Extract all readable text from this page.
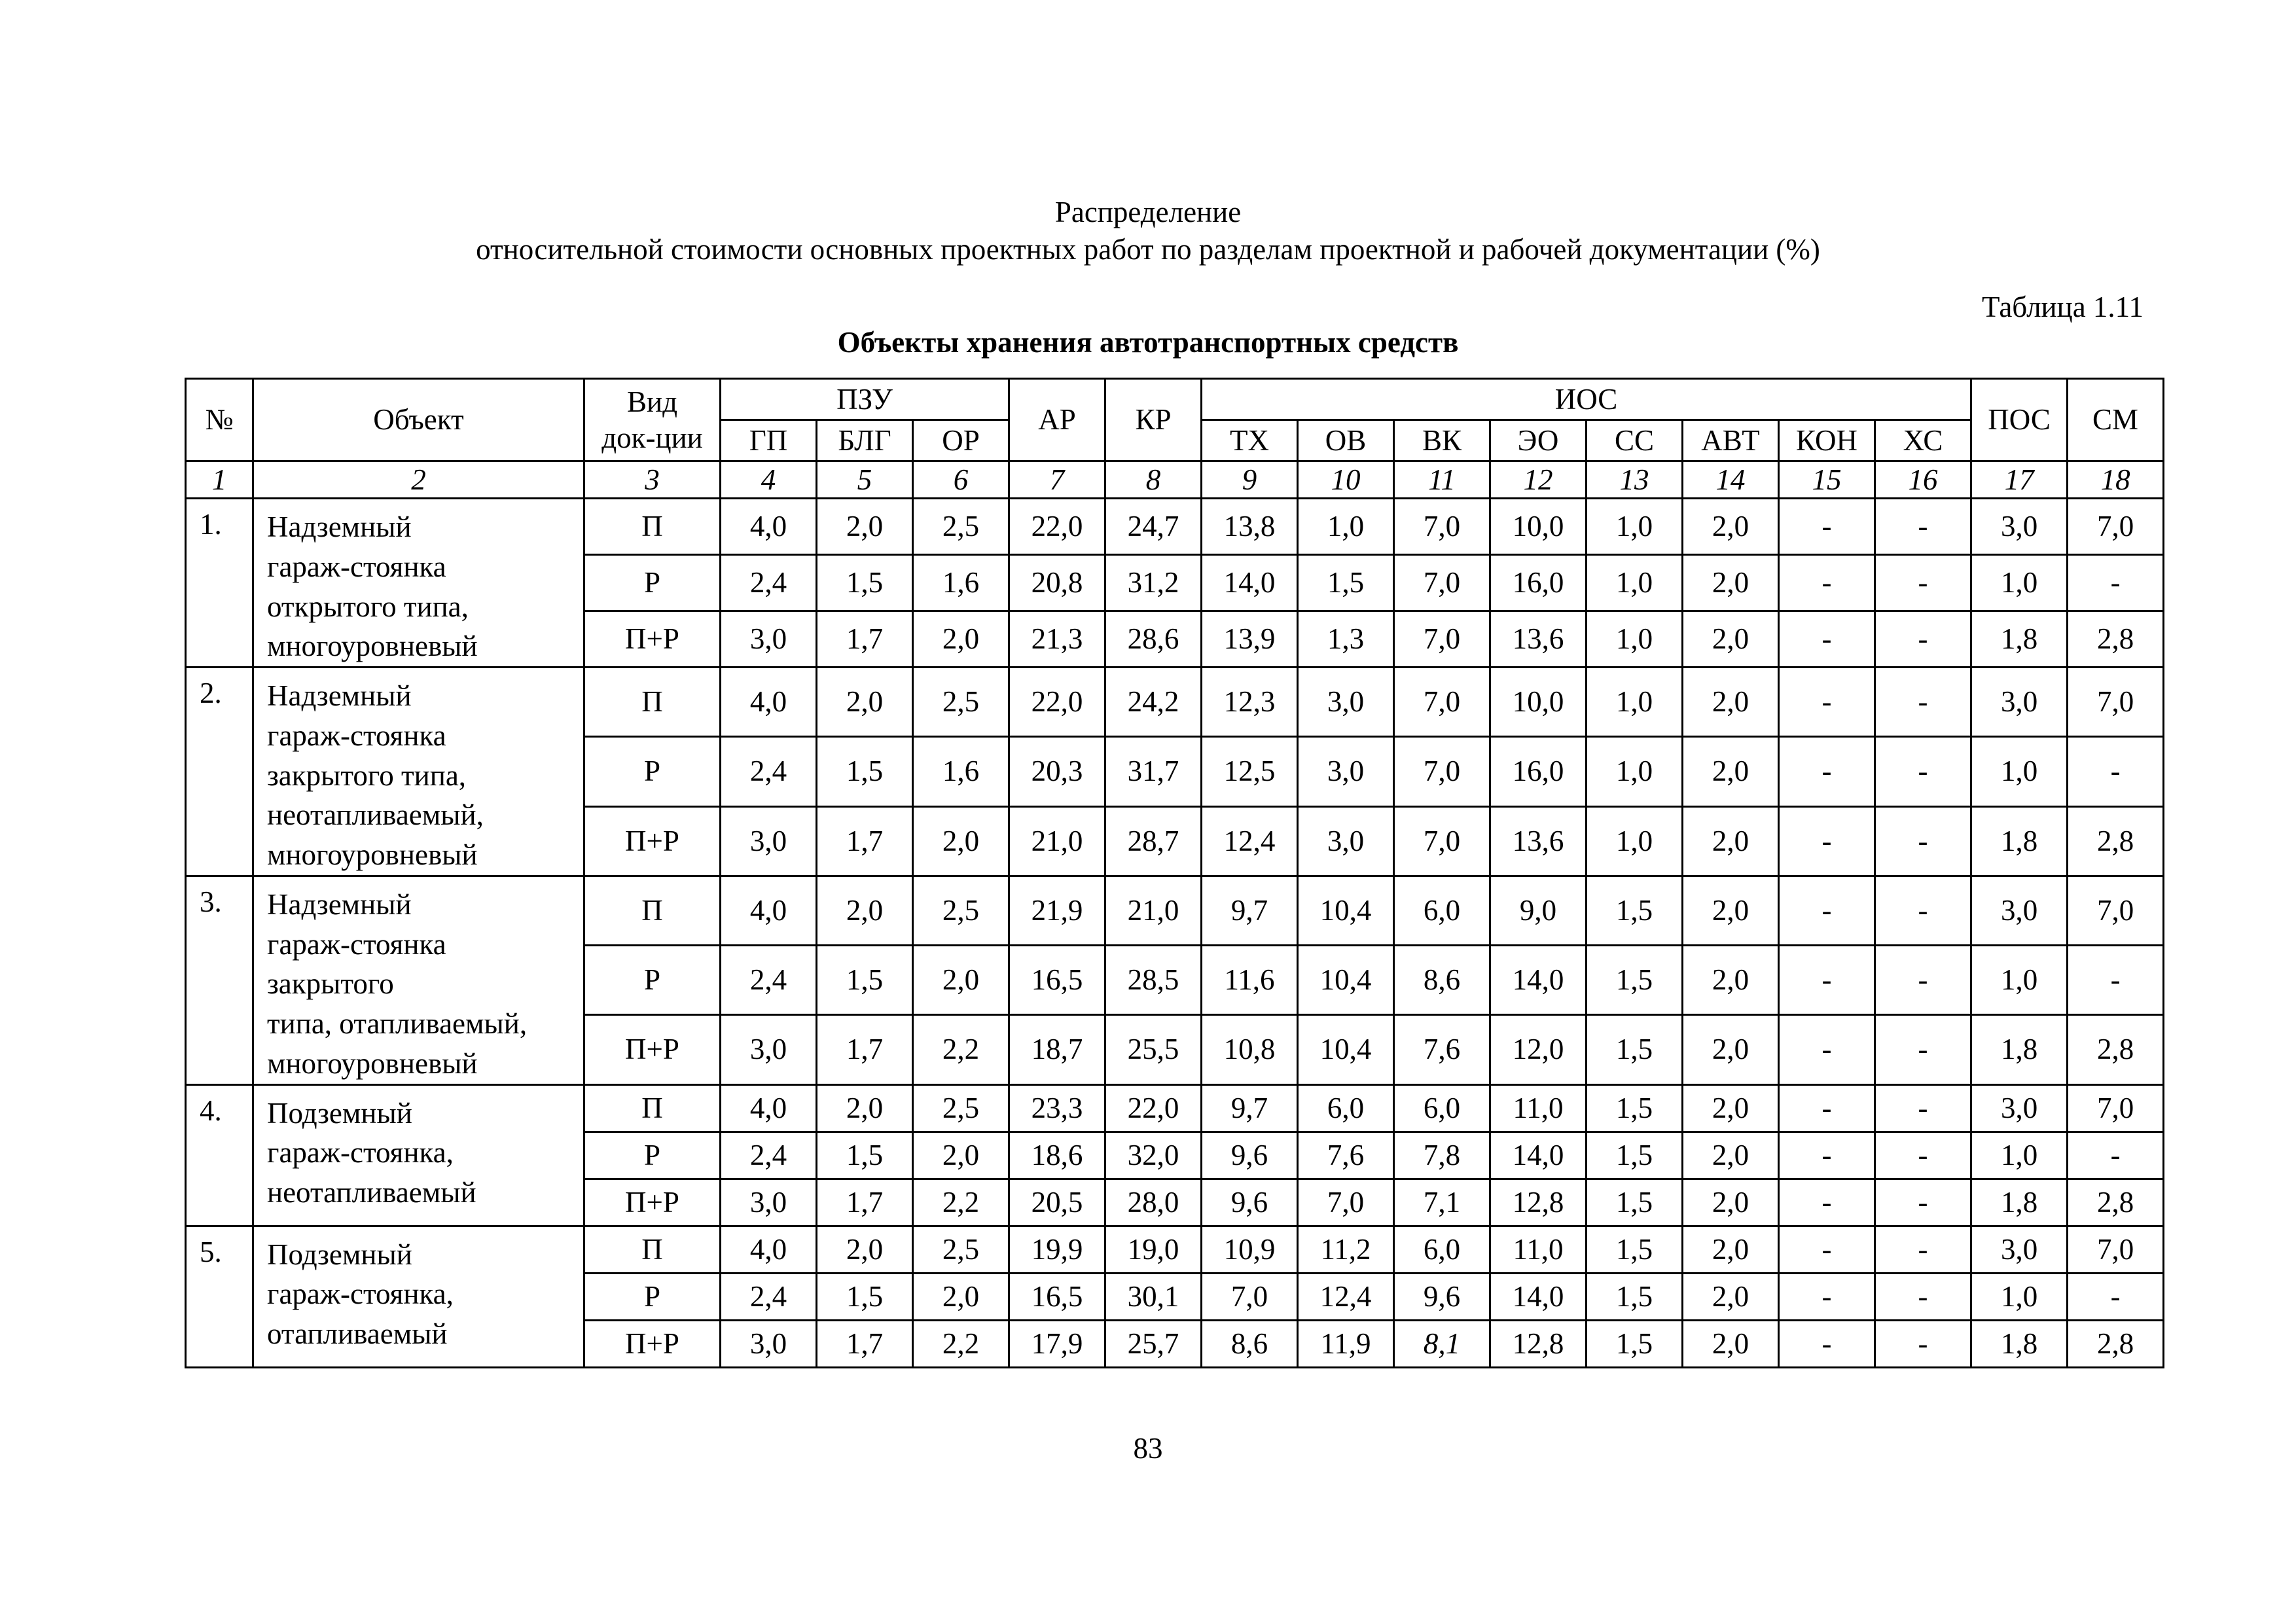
Распределение
относительной стоимости основных проектных работ по разделам проектной и рабочей документации (%)
Таблица 1.11
Объекты хранения автотранспортных средств
№	Объект	Вид
док-ции	ПЗУ			АР	КР	ИОС								ПОС	СМ
			ГП	БЛГ	ОР			ТХ	ОВ	ВК	ЭО	СС	АВТ	КОН	ХС		
1	2	3	4	5	6	7	8	9	10	11	12	13	14	15	16	17	18
1.	Надземный
гараж-стоянка
открытого типа,
многоуровневый	П	4,0	2,0	2,5	22,0	24,7	13,8	1,0	7,0	10,0	1,0	2,0	-	-	3,0	7,0
		Р	2,4	1,5	1,6	20,8	31,2	14,0	1,5	7,0	16,0	1,0	2,0	-	-	1,0	-
		П+Р	3,0	1,7	2,0	21,3	28,6	13,9	1,3	7,0	13,6	1,0	2,0	-	-	1,8	2,8
2.	Надземный
гараж-стоянка
закрытого типа,
неотапливаемый,
многоуровневый	П	4,0	2,0	2,5	22,0	24,2	12,3	3,0	7,0	10,0	1,0	2,0	-	-	3,0	7,0
		Р	2,4	1,5	1,6	20,3	31,7	12,5	3,0	7,0	16,0	1,0	2,0	-	-	1,0	-
		П+Р	3,0	1,7	2,0	21,0	28,7	12,4	3,0	7,0	13,6	1,0	2,0	-	-	1,8	2,8
3.	Надземный
гараж-стоянка
закрытого
типа, отапливаемый,
многоуровневый	П	4,0	2,0	2,5	21,9	21,0	9,7	10,4	6,0	9,0	1,5	2,0	-	-	3,0	7,0
		Р	2,4	1,5	2,0	16,5	28,5	11,6	10,4	8,6	14,0	1,5	2,0	-	-	1,0	-
		П+Р	3,0	1,7	2,2	18,7	25,5	10,8	10,4	7,6	12,0	1,5	2,0	-	-	1,8	2,8
4.	Подземный
гараж-стоянка,
неотапливаемый	П	4,0	2,0	2,5	23,3	22,0	9,7	6,0	6,0	11,0	1,5	2,0	-	-	3,0	7,0
		Р	2,4	1,5	2,0	18,6	32,0	9,6	7,6	7,8	14,0	1,5	2,0	-	-	1,0	-
		П+Р	3,0	1,7	2,2	20,5	28,0	9,6	7,0	7,1	12,8	1,5	2,0	-	-	1,8	2,8
5.	Подземный
гараж-стоянка,
отапливаемый	П	4,0	2,0	2,5	19,9	19,0	10,9	11,2	6,0	11,0	1,5	2,0	-	-	3,0	7,0
		Р	2,4	1,5	2,0	16,5	30,1	7,0	12,4	9,6	14,0	1,5	2,0	-	-	1,0	-
		П+Р	3,0	1,7	2,2	17,9	25,7	8,6	11,9	8,1	12,8	1,5	2,0	-	-	1,8	2,8
83
